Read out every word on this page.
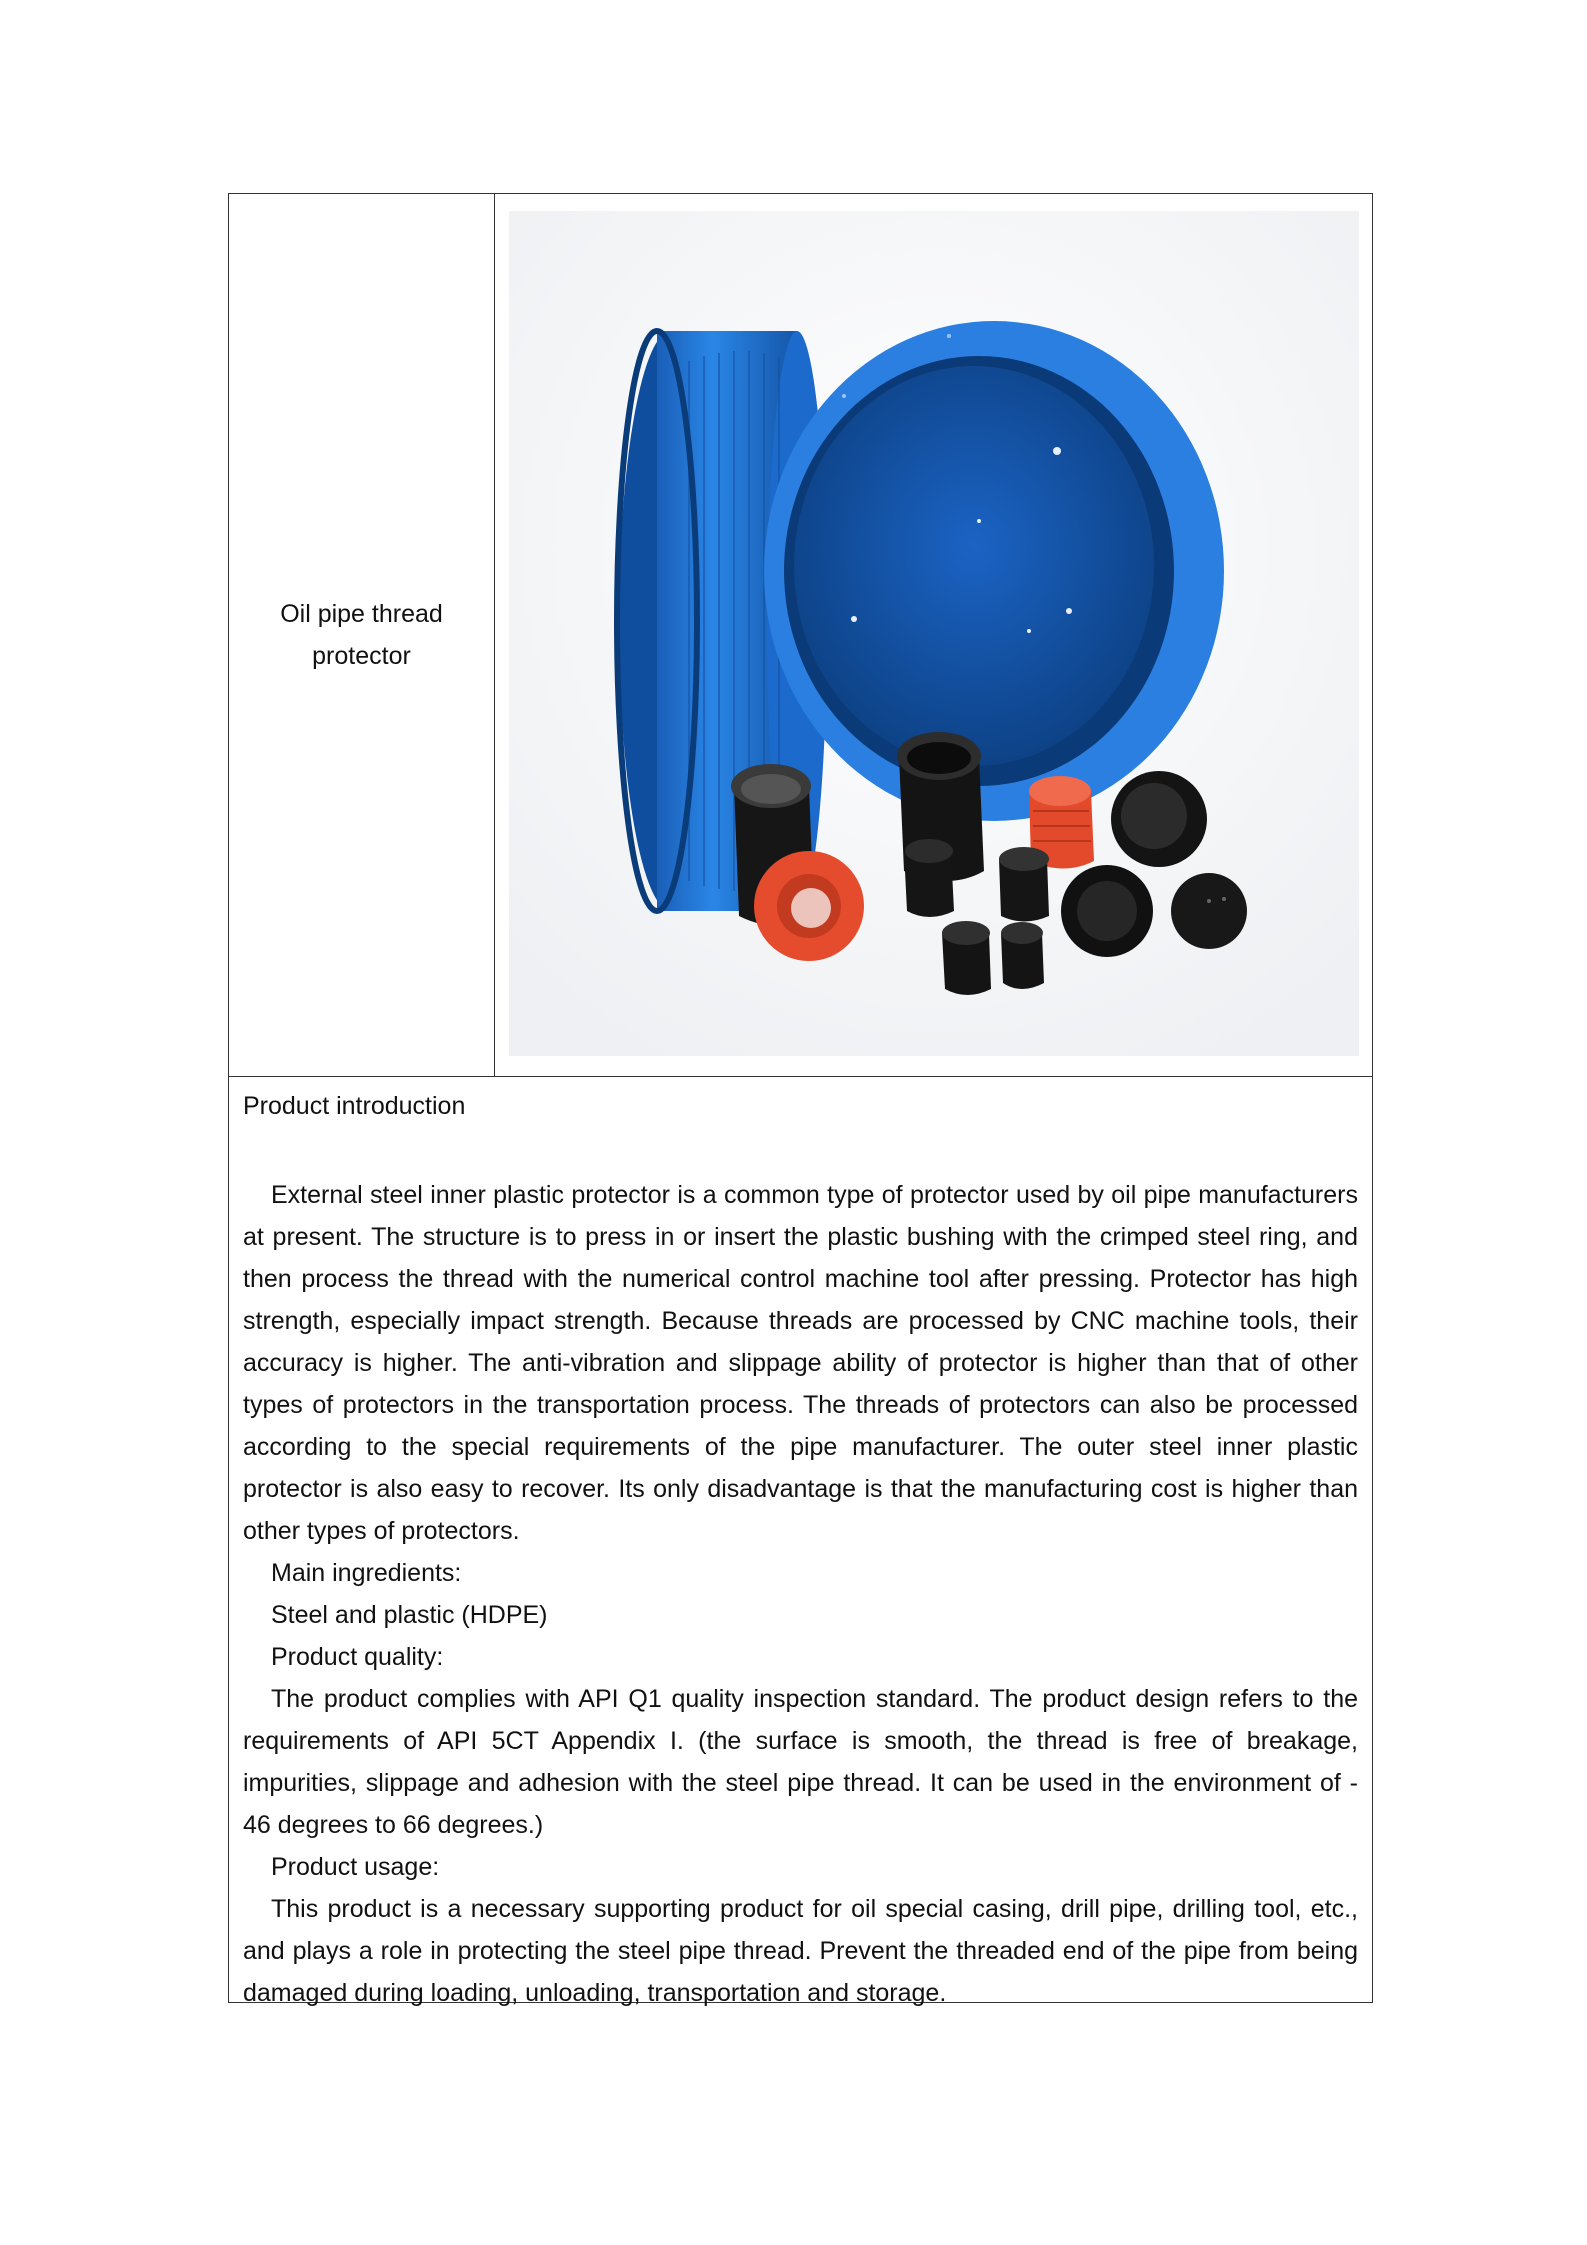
Oil pipe thread protector
Product introduction

External steel inner plastic protector is a common type of protector used by oil pipe manufacturers at present. The structure is to press in or insert the plastic bushing with the crimped steel ring, and then process the thread with the numerical control machine tool after pressing. Protector has high strength, especially impact strength. Because threads are processed by CNC machine tools, their accuracy is higher. The anti-vibration and slippage ability of protector is higher than that of other types of protectors in the transportation process. The threads of protectors can also be processed according to the special requirements of the pipe manufacturer. The outer steel inner plastic protector is also easy to recover. Its only disadvantage is that the manufacturing cost is higher than other types of protectors.

Main ingredients:

Steel and plastic (HDPE)

Product quality:

The product complies with API Q1 quality inspection standard. The product design refers to the requirements of API 5CT Appendix I. (the surface is smooth, the thread is free of breakage, impurities, slippage and adhesion with the steel pipe thread. It can be used in the environment of - 46 degrees to 66 degrees.)

Product usage:

This product is a necessary supporting product for oil special casing, drill pipe, drilling tool, etc., and plays a role in protecting the steel pipe thread. Prevent the threaded end of the pipe from being damaged during loading, unloading, transportation and storage.
